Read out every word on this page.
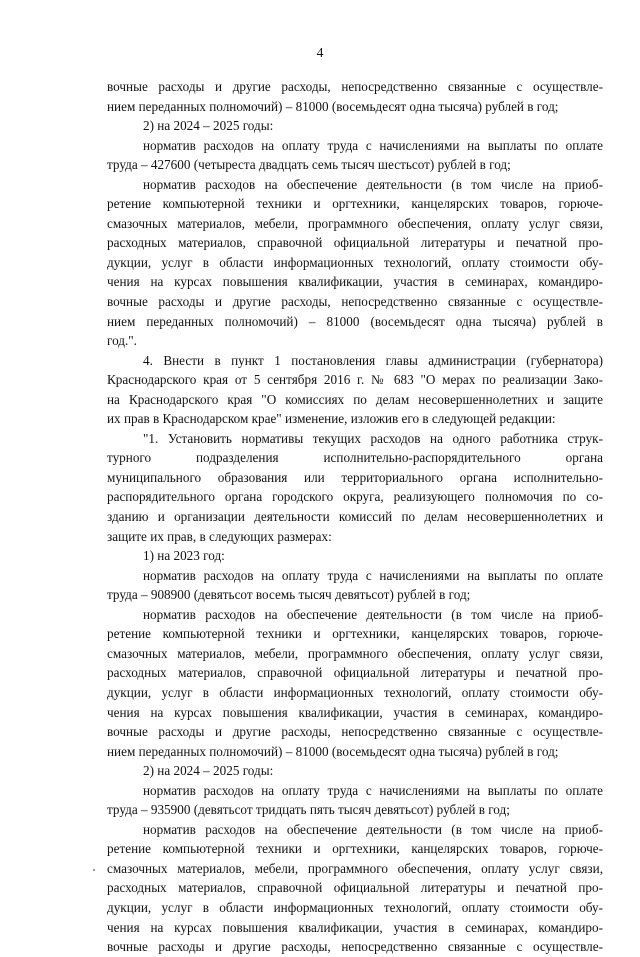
4
вочные расходы и другие расходы, непосредственно связанные с осуществле-
нием переданных полномочий) – 81000 (восемьдесят одна тысяча) рублей в год;
2) на 2024 – 2025 годы:
норматив расходов на оплату труда с начислениями на выплаты по оплате
труда – 427600 (четыреста двадцать семь тысяч шестьсот) рублей в год;
норматив расходов на обеспечение деятельности (в том числе на приоб-
ретение компьютерной техники и оргтехники, канцелярских товаров, горюче-
смазочных материалов, мебели, программного обеспечения, оплату услуг связи,
расходных материалов, справочной официальной литературы и печатной про-
дукции, услуг в области информационных технологий, оплату стоимости обу-
чения на курсах повышения квалификации, участия в семинарах, командиро-
вочные расходы и другие расходы, непосредственно связанные с осуществле-
нием переданных полномочий) – 81000 (восемьдесят одна тысяча) рублей в
год.".
4. Внести в пункт 1 постановления главы администрации (губернатора)
Краснодарского края от 5 сентября 2016 г. № 683 "О мерах по реализации Зако-
на Краснодарского края "О комиссиях по делам несовершеннолетних и защите
их прав в Краснодарском крае" изменение, изложив его в следующей редакции:
"1. Установить нормативы текущих расходов на одного работника струк-
турного подразделения исполнительно-распорядительного органа
муниципального образования или территориального органа исполнительно-
распорядительного органа городского округа, реализующего полномочия по со-
зданию и организации деятельности комиссий по делам несовершеннолетних и
защите их прав, в следующих размерах:
1) на 2023 год:
норматив расходов на оплату труда с начислениями на выплаты по оплате
труда – 908900 (девятьсот восемь тысяч девятьсот) рублей в год;
норматив расходов на обеспечение деятельности (в том числе на приоб-
ретение компьютерной техники и оргтехники, канцелярских товаров, горюче-
смазочных материалов, мебели, программного обеспечения, оплату услуг связи,
расходных материалов, справочной официальной литературы и печатной про-
дукции, услуг в области информационных технологий, оплату стоимости обу-
чения на курсах повышения квалификации, участия в семинарах, командиро-
вочные расходы и другие расходы, непосредственно связанные с осуществле-
нием переданных полномочий) – 81000 (восемьдесят одна тысяча) рублей в год;
2) на 2024 – 2025 годы:
норматив расходов на оплату труда с начислениями на выплаты по оплате
труда – 935900 (девятьсот тридцать пять тысяч девятьсот) рублей в год;
норматив расходов на обеспечение деятельности (в том числе на приоб-
ретение компьютерной техники и оргтехники, канцелярских товаров, горюче-
смазочных материалов, мебели, программного обеспечения, оплату услуг связи,
расходных материалов, справочной официальной литературы и печатной про-
дукции, услуг в области информационных технологий, оплату стоимости обу-
чения на курсах повышения квалификации, участия в семинарах, командиро-
вочные расходы и другие расходы, непосредственно связанные с осуществле-
